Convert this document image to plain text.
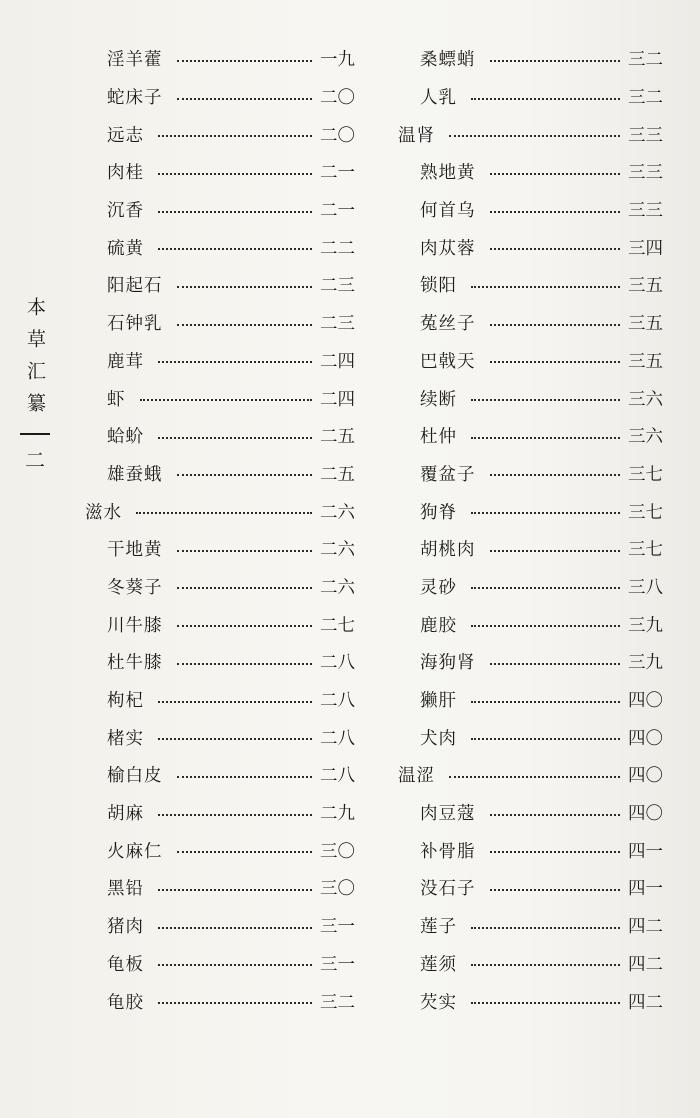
本草汇纂
二
淫羊藿	一九
蛇床子	二〇
远志	二〇
肉桂	二一
沉香	二一
硫黄	二二
阳起石	二三
石钟乳	二三
鹿茸	二四
虾	二四
蛤蚧	二五
雄蚕蛾	二五
滋水	二六
干地黄	二六
冬葵子	二六
川牛膝	二七
杜牛膝	二八
枸杞	二八
楮实	二八
榆白皮	二八
胡麻	二九
火麻仁	三〇
黑铅	三〇
猪肉	三一
龟板	三一
龟胶	三二
桑螵蛸	三二
人乳	三二
温肾	三三
熟地黄	三三
何首乌	三三
肉苁蓉	三四
锁阳	三五
菟丝子	三五
巴戟天	三五
续断	三六
杜仲	三六
覆盆子	三七
狗脊	三七
胡桃肉	三七
灵砂	三八
鹿胶	三九
海狗肾	三九
獭肝	四〇
犬肉	四〇
温涩	四〇
肉豆蔻	四〇
补骨脂	四一
没石子	四一
莲子	四二
莲须	四二
芡实	四二
